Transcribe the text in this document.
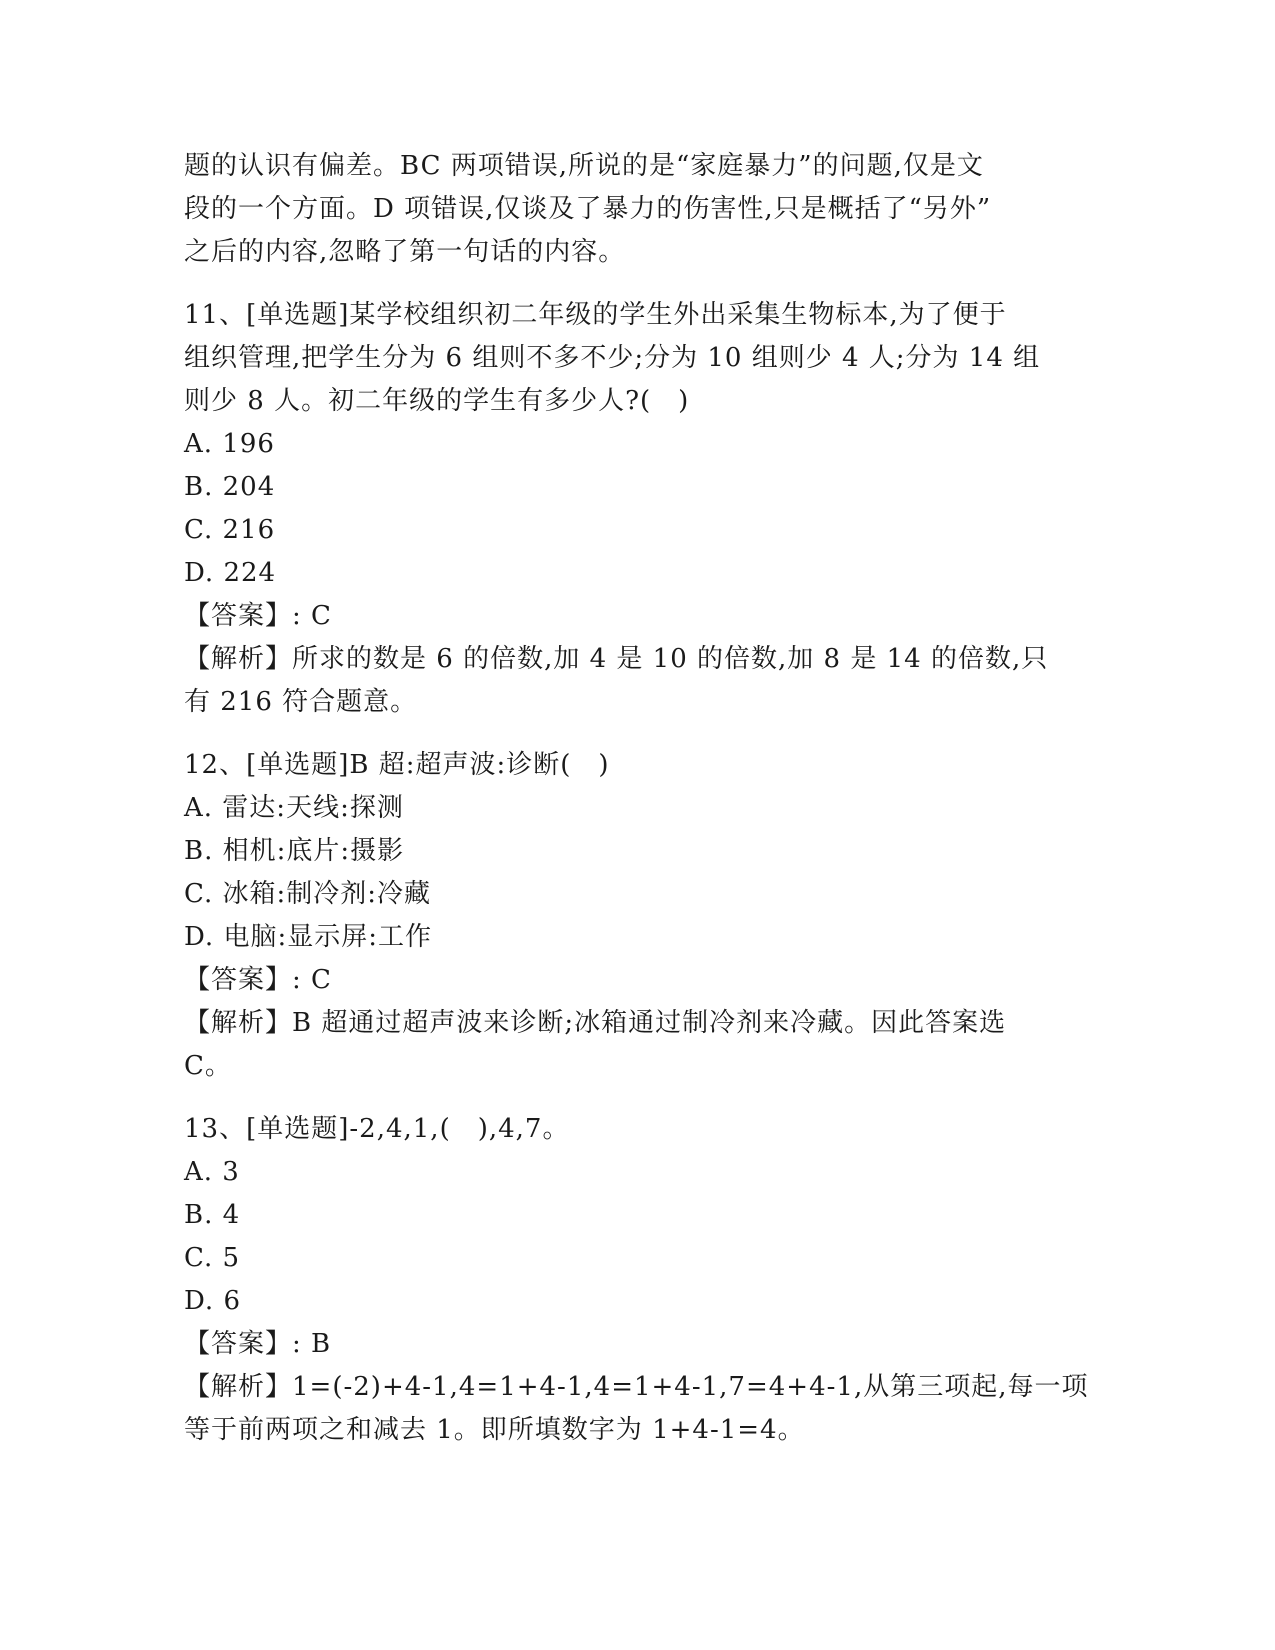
题的认识有偏差。BC 两项错误,所说的是“家庭暴力”的问题,仅是文
段的一个方面。D 项错误,仅谈及了暴力的伤害性,只是概括了“另外”
之后的内容,忽略了第一句话的内容。
11、[单选题]某学校组织初二年级的学生外出采集生物标本,为了便于
组织管理,把学生分为 6 组则不多不少;分为 10 组则少 4 人;分为 14 组
则少 8 人。初二年级的学生有多少人?(　)
A. 196
B. 204
C. 216
D. 224
【答案】: C
【解析】所求的数是 6 的倍数,加 4 是 10 的倍数,加 8 是 14 的倍数,只
有 216 符合题意。
12、[单选题]B 超:超声波:诊断(　)
A. 雷达:天线:探测
B. 相机:底片:摄影
C. 冰箱:制冷剂:冷藏
D. 电脑:显示屏:工作
【答案】: C
【解析】B 超通过超声波来诊断;冰箱通过制冷剂来冷藏。因此答案选
C。
13、[单选题]-2,4,1,(　),4,7。
A. 3
B. 4
C. 5
D. 6
【答案】: B
【解析】1=(-2)+4-1,4=1+4-1,4=1+4-1,7=4+4-1,从第三项起,每一项
等于前两项之和减去 1。即所填数字为 1+4-1=4。
